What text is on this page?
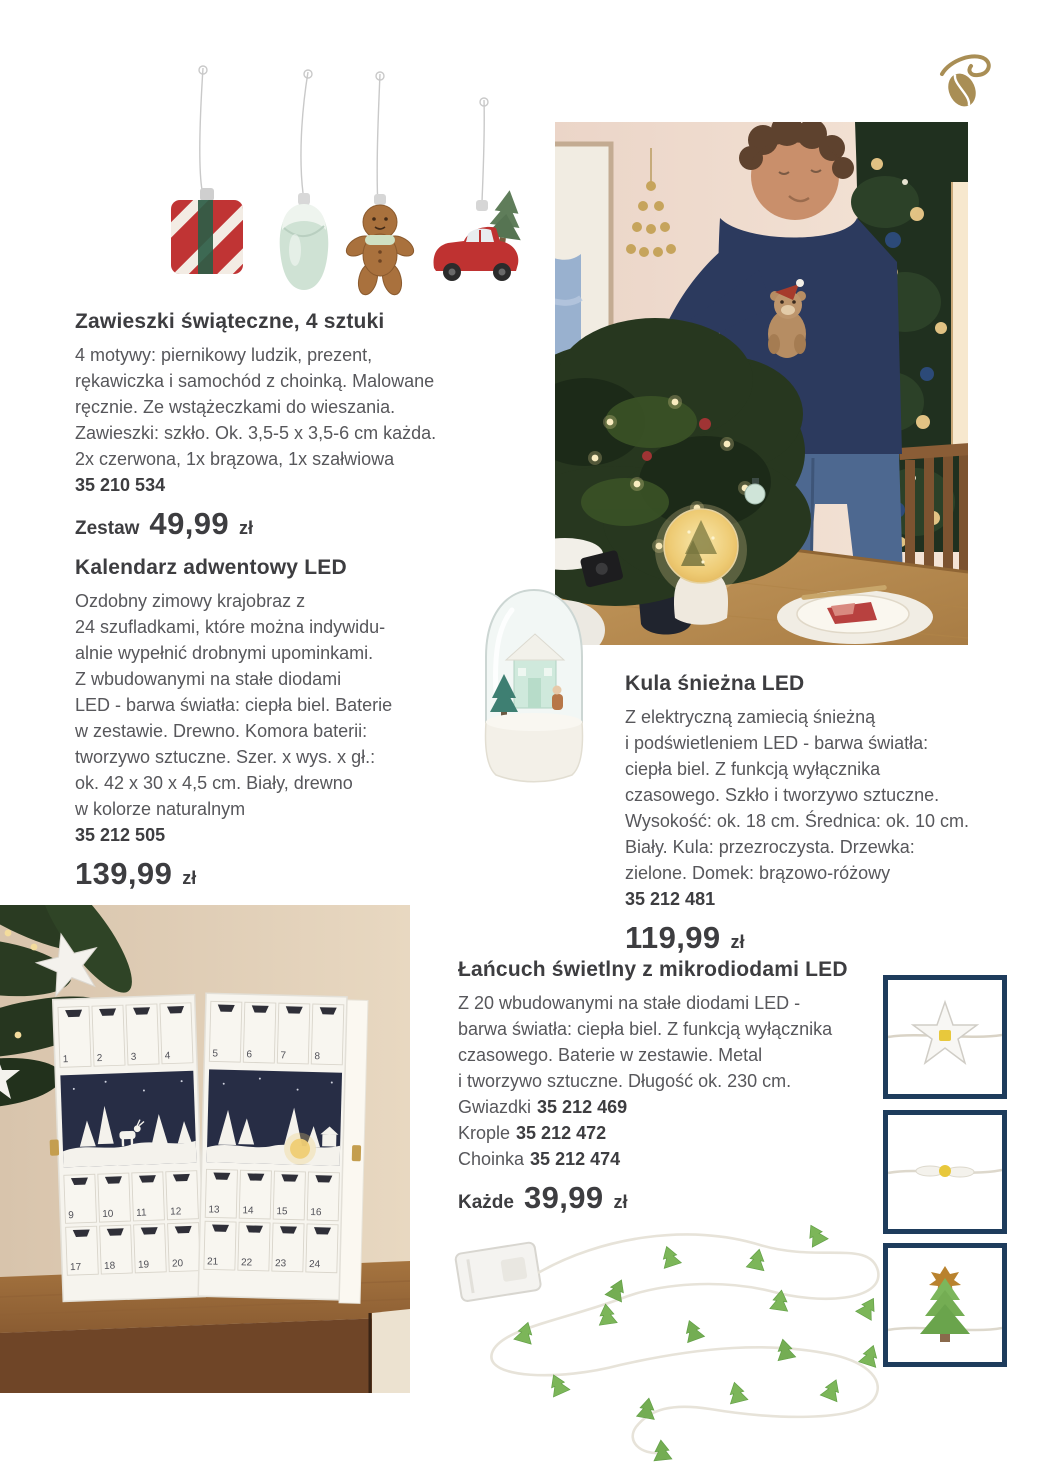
Zawieszki świąteczne, 4 sztuki

4 motywy: piernikowy ludzik, prezent,
rękawiczka i samochód z choinką. Malowane
ręcznie. Ze wstążeczkami do wieszania.
Zawieszki: szkło. Ok. 3,5-5 x 3,5-6 cm każda.
2x czerwona, 1x brązowa, 1x szałwiowa

35 210 534

Zestaw 49,99 zł
Kalendarz adwentowy LED

Ozdobny zimowy krajobraz z
24 szufladkami, które można indywidu-
alnie wypełnić drobnymi upominkami.
Z wbudowanymi na stałe diodami
LED - barwa światła: ciepła biel. Baterie
w zestawie. Drewno. Komora baterii:
tworzywo sztuczne. Szer. x wys. x gł.:
ok. 42 x 30 x 4,5 cm. Biały, drewno
w kolorze naturalnym

35 212 505

139,99 zł
Kula śnieżna LED

Z elektryczną zamiecią śnieżną
i podświetleniem LED - barwa światła:
ciepła biel. Z funkcją wyłącznika
czasowego. Szkło i tworzywo sztuczne.
Wysokość: ok. 18 cm. Średnica: ok. 10 cm.
Biały. Kula: przezroczysta. Drzewka:
zielone. Domek: brązowo-różowy

35 212 481

119,99 zł
Łańcuch świetlny z mikrodiodami LED

Z 20 wbudowanymi na stałe diodami LED -
barwa światła: ciepła biel. Z funkcją wyłącznika
czasowego. Baterie w zestawie. Metal
i tworzywo sztuczne. Długość ok. 230 cm.

Gwiazdki 35 212 469
Krople 35 212 472
Choinka 35 212 474
Każde 39,99 zł
1	2	3	4
9	10 11 12
17 18 19 20
5	6	7	8
13 14 15 16
21 22 23 24
